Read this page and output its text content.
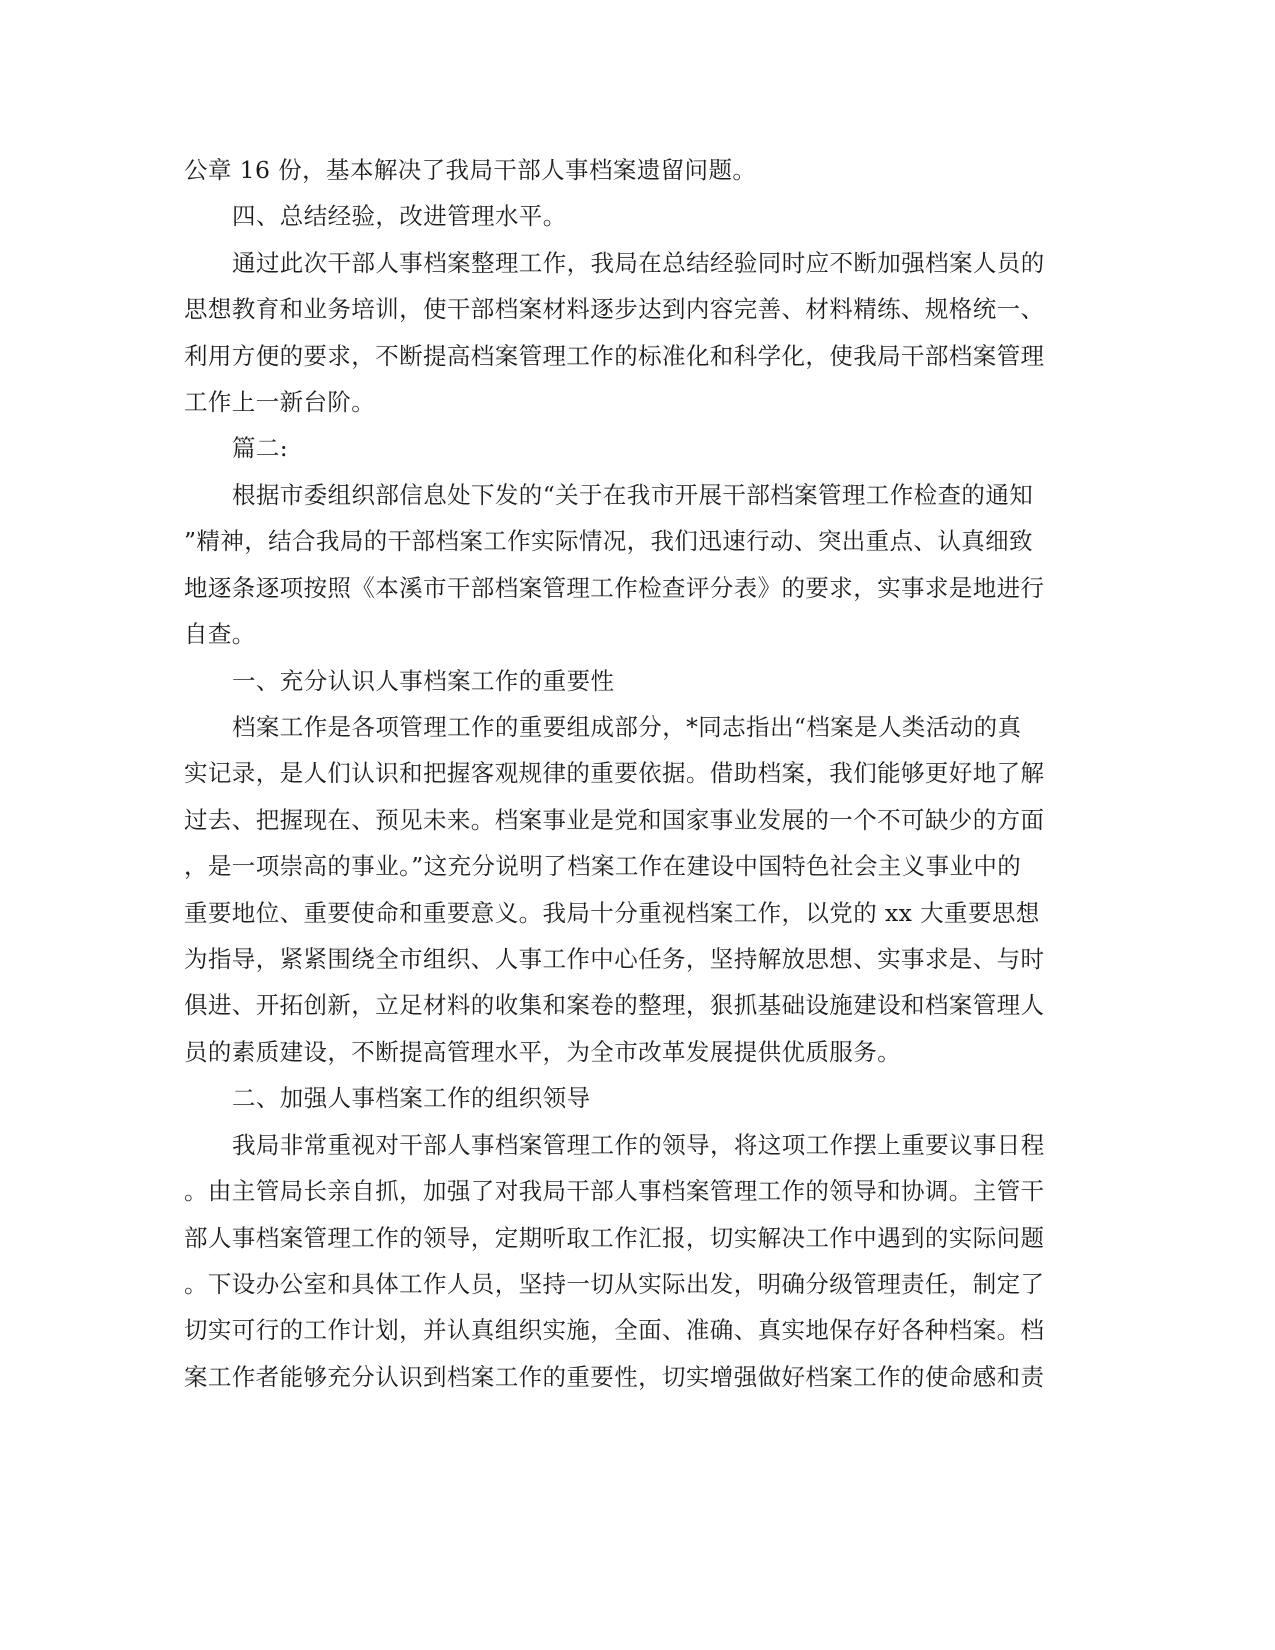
公章 16 份，基本解决了我局干部人事档案遗留问题。
四、总结经验，改进管理水平。
通过此次干部人事档案整理工作，我局在总结经验同时应不断加强档案人员的
思想教育和业务培训，使干部档案材料逐步达到内容完善、材料精练、规格统一、
利用方便的要求，不断提高档案管理工作的标准化和科学化，使我局干部档案管理
工作上一新台阶。
篇二:
根据市委组织部信息处下发的“关于在我市开展干部档案管理工作检查的通知
”精神，结合我局的干部档案工作实际情况，我们迅速行动、突出重点、认真细致
地逐条逐项按照《本溪市干部档案管理工作检查评分表》的要求，实事求是地进行
自查。
一、充分认识人事档案工作的重要性
档案工作是各项管理工作的重要组成部分，*同志指出“档案是人类活动的真
实记录，是人们认识和把握客观规律的重要依据。借助档案，我们能够更好地了解
过去、把握现在、预见未来。档案事业是党和国家事业发展的一个不可缺少的方面
，是一项崇高的事业。”这充分说明了档案工作在建设中国特色社会主义事业中的
重要地位、重要使命和重要意义。我局十分重视档案工作，以党的 xx 大重要思想
为指导，紧紧围绕全市组织、人事工作中心任务，坚持解放思想、实事求是、与时
俱进、开拓创新，立足材料的收集和案卷的整理，狠抓基础设施建设和档案管理人
员的素质建设，不断提高管理水平，为全市改革发展提供优质服务。
二、加强人事档案工作的组织领导
我局非常重视对干部人事档案管理工作的领导，将这项工作摆上重要议事日程
。由主管局长亲自抓，加强了对我局干部人事档案管理工作的领导和协调。主管干
部人事档案管理工作的领导，定期听取工作汇报，切实解决工作中遇到的实际问题
。下设办公室和具体工作人员，坚持一切从实际出发，明确分级管理责任，制定了
切实可行的工作计划，并认真组织实施，全面、准确、真实地保存好各种档案。档
案工作者能够充分认识到档案工作的重要性，切实增强做好档案工作的使命感和责
